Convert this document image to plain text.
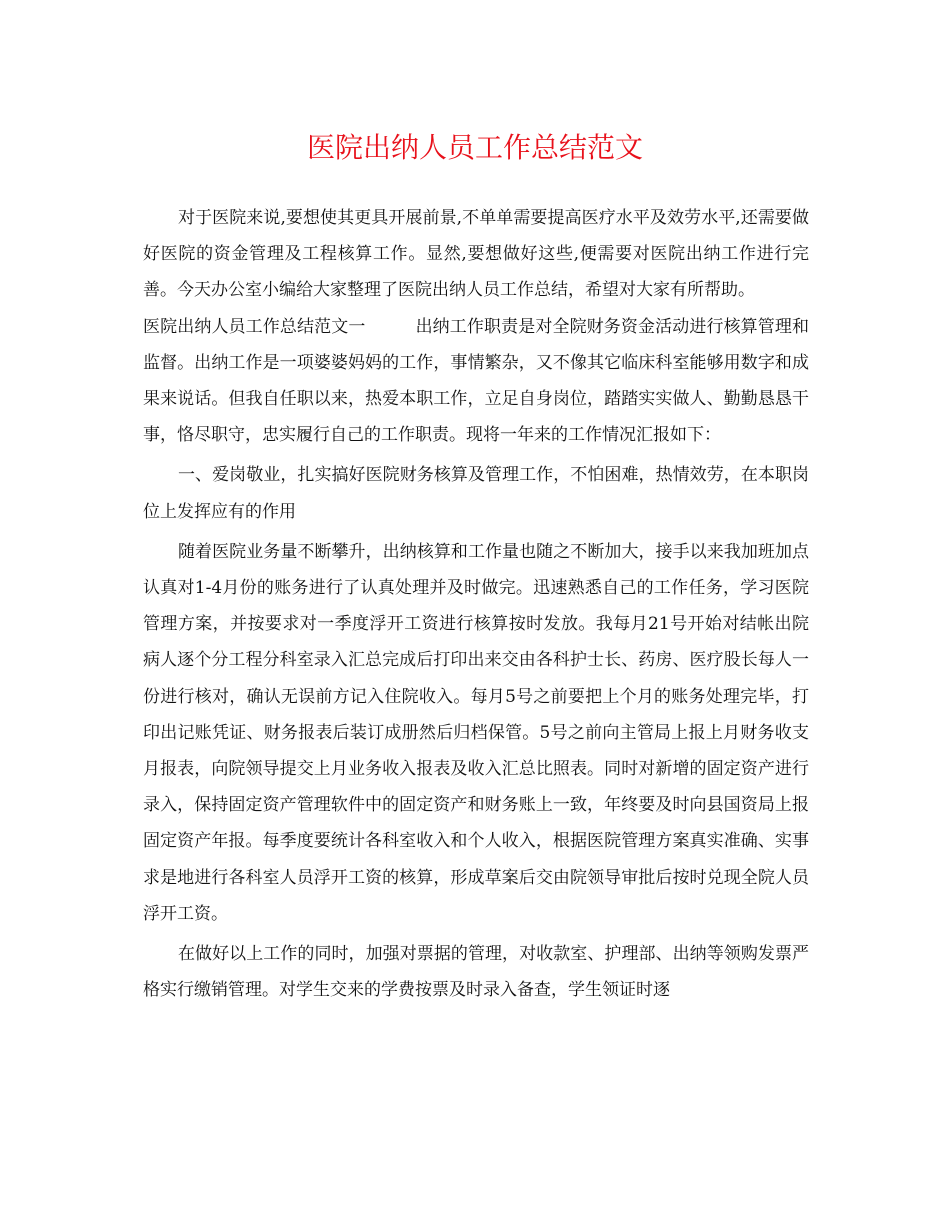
医院出纳人员工作总结范文

对于医院来说,要想使其更具开展前景,不单单需要提高医疗水平及效劳水平,还需要做好医院的资金管理及工程核算工作。显然,要想做好这些,便需要对医院出纳工作进行完善。今天办公室小编给大家整理了医院出纳人员工作总结，希望对大家有所帮助。

医院出纳人员工作总结范文一	出纳工作职责是对全院财务资金活动进行核算管理和监督。出纳工作是一项婆婆妈妈的工作，事情繁杂，又不像其它临床科室能够用数字和成果来说话。但我自任职以来，热爱本职工作，立足自身岗位，踏踏实实做人、勤勤恳恳干事，恪尽职守，忠实履行自己的工作职责。现将一年来的工作情况汇报如下：

一、爱岗敬业，扎实搞好医院财务核算及管理工作，不怕困难，热情效劳，在本职岗位上发挥应有的作用

随着医院业务量不断攀升，出纳核算和工作量也随之不断加大，接手以来我加班加点认真对1-4月份的账务进行了认真处理并及时做完。迅速熟悉自己的工作任务，学习医院管理方案，并按要求对一季度浮开工资进行核算按时发放。我每月21号开始对结帐出院病人逐个分工程分科室录入汇总完成后打印出来交由各科护士长、药房、医疗股长每人一份进行核对，确认无误前方记入住院收入。每月5号之前要把上个月的账务处理完毕，打印出记账凭证、财务报表后装订成册然后归档保管。5号之前向主管局上报上月财务收支月报表，向院领导提交上月业务收入报表及收入汇总比照表。同时对新增的固定资产进行录入，保持固定资产管理软件中的固定资产和财务账上一致，年终要及时向县国资局上报固定资产年报。每季度要统计各科室收入和个人收入，根据医院管理方案真实准确、实事求是地进行各科室人员浮开工资的核算，形成草案后交由院领导审批后按时兑现全院人员浮开工资。

在做好以上工作的同时，加强对票据的管理，对收款室、护理部、出纳等领购发票严格实行缴销管理。对学生交来的学费按票及时录入备查，学生领证时逐
